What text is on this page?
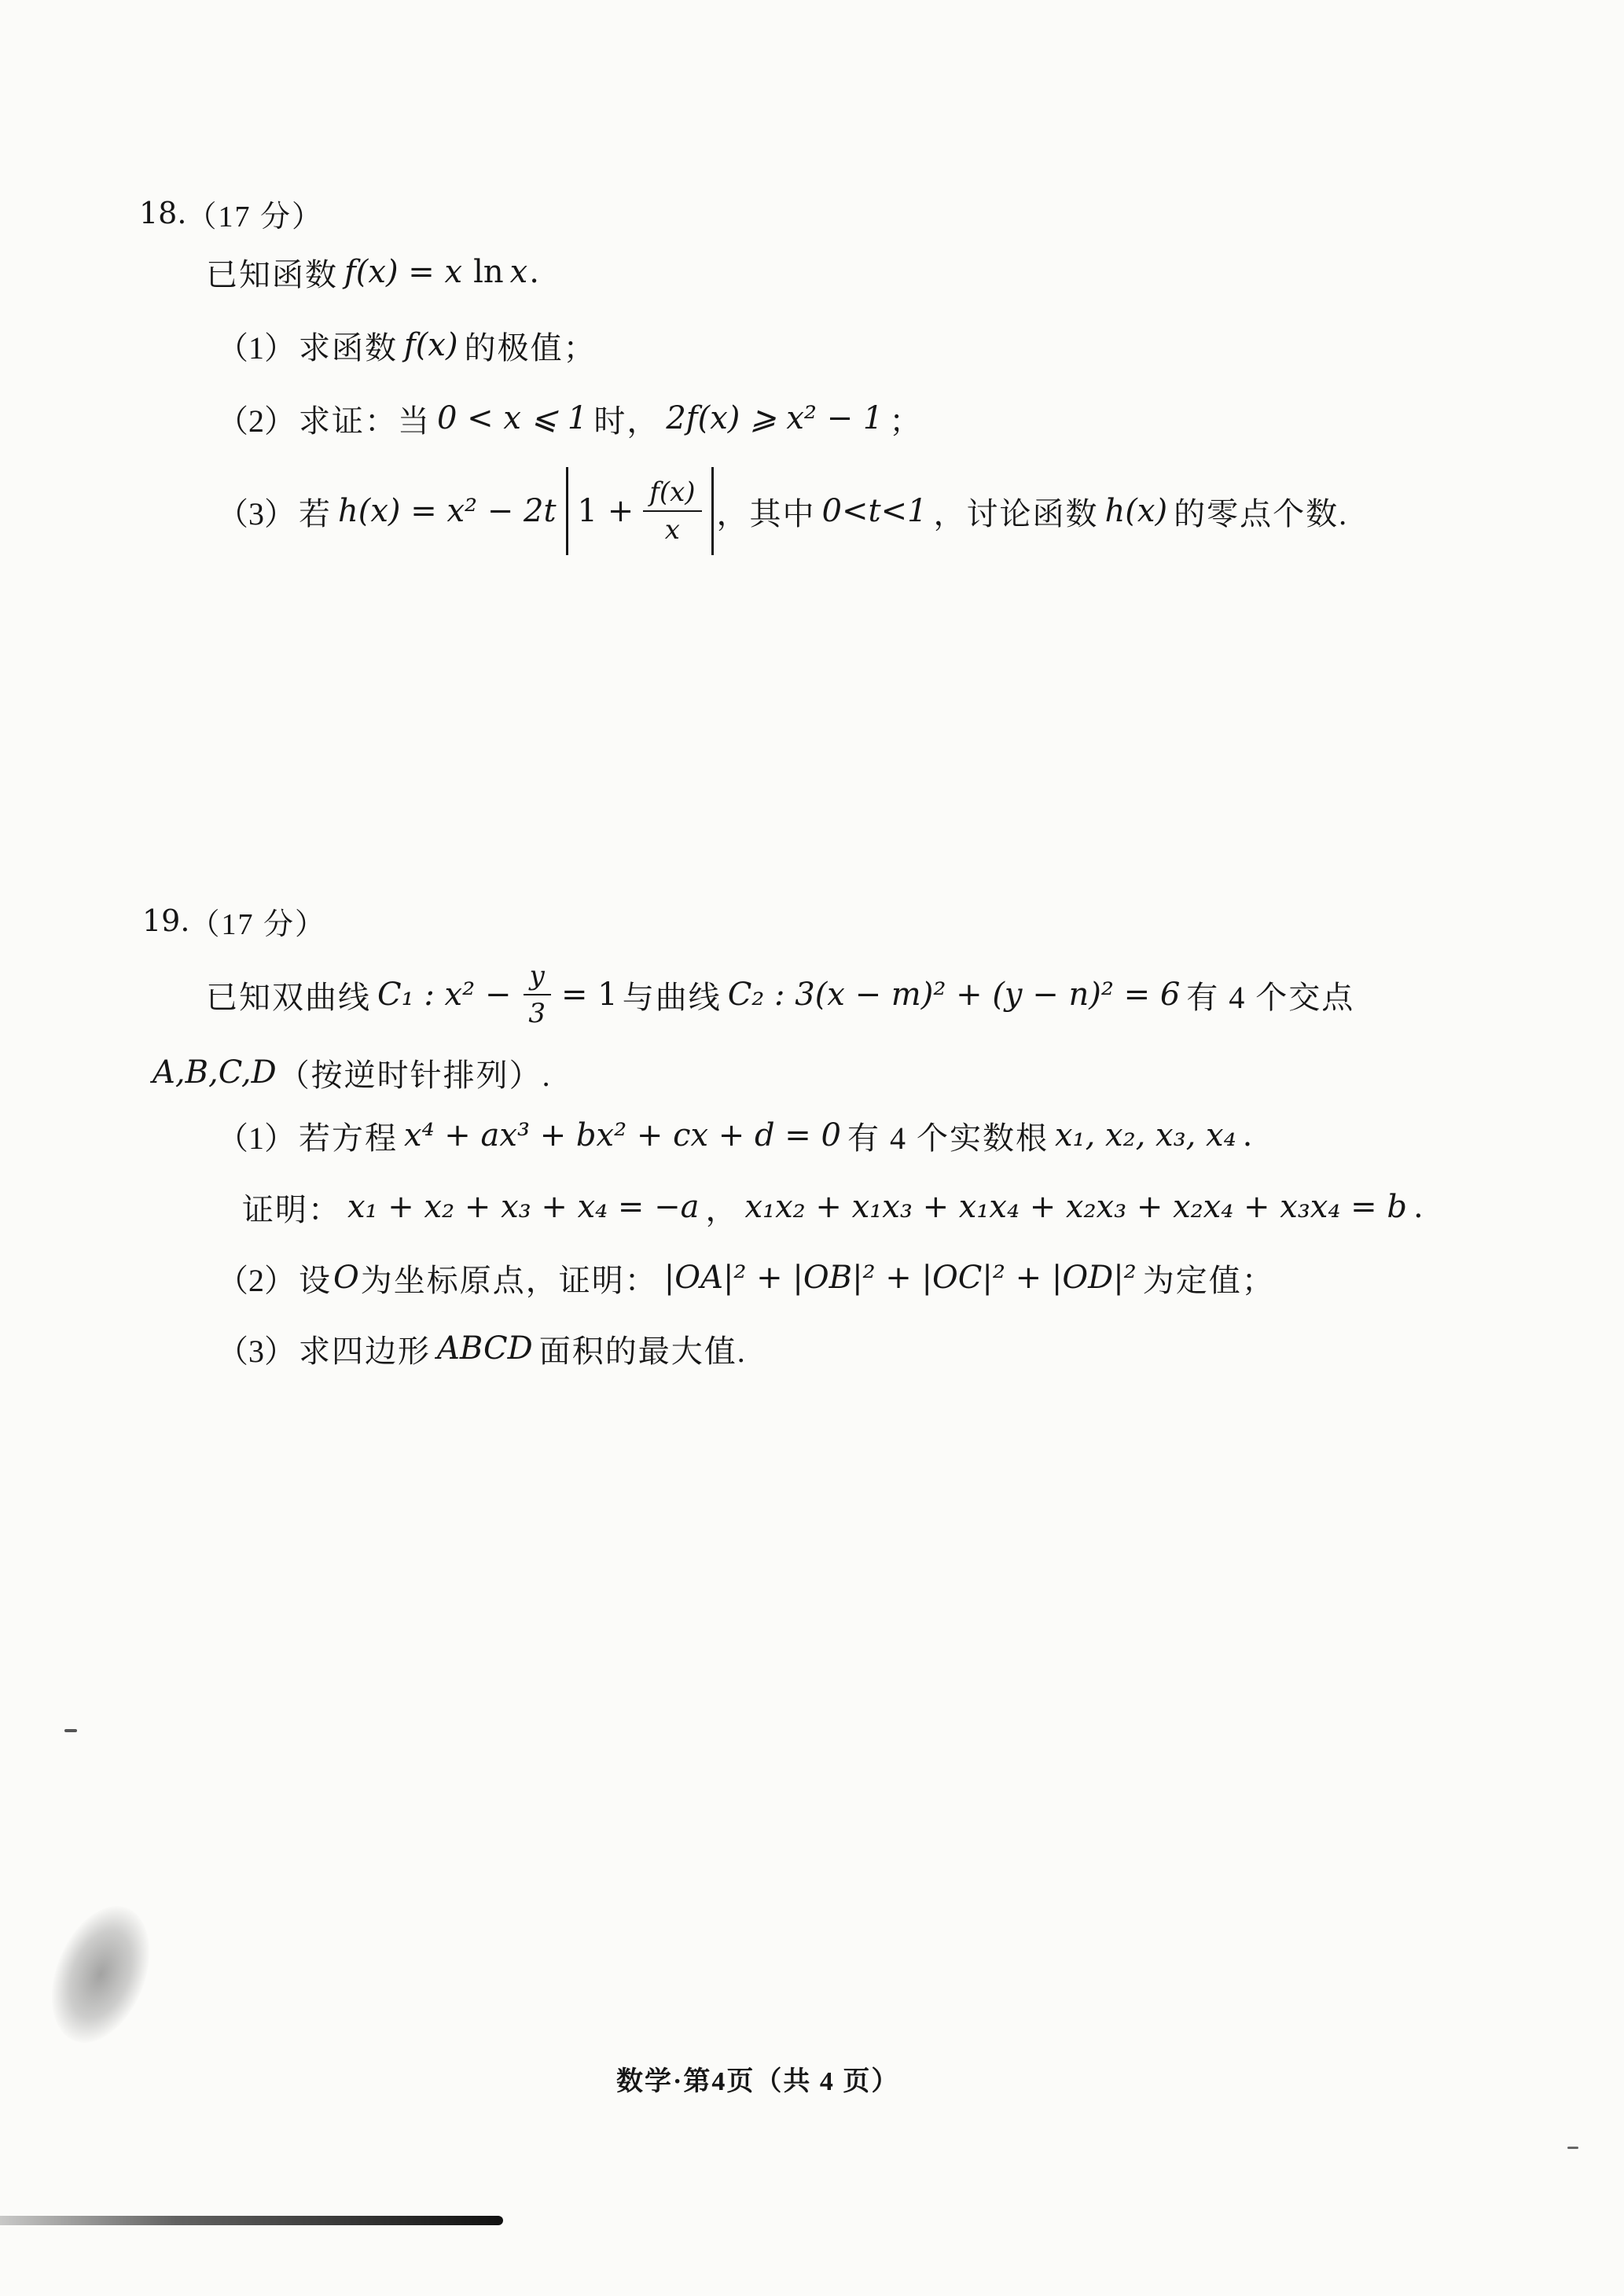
18. （17 分）
已知函数 f(x) = x ln x .
（1） 求函数 f(x) 的极值；
（2） 求证：当 0 < x ⩽ 1 时， 2f(x) ⩾ x² − 1 ；
（3） 若 h(x) = x² − 2t $1 + \frac{f(x)}{x}$ ，其中 0<t<1 ，讨论函数 h(x) 的零点个数.
19. （17 分）
已知双曲线 C₁ : $x^2 - \frac{y}{3} = 1$ 与曲线 C₂ : 3(x − m)² + (y − n)² = 6 有 4 个交点
A,B,C,D （按逆时针排列）.
（1） 若方程 x⁴ + ax³ + bx² + cx + d = 0 有 4 个实数根 x₁, x₂, x₃, x₄ .
证明： x₁ + x₂ + x₃ + x₄ = −a ， x₁x₂ + x₁x₃ + x₁x₄ + x₂x₃ + x₂x₄ + x₃x₄ = b .
（2） 设 O 为坐标原点，证明： |OA|² + |OB|² + |OC|² + |OD|² 为定值；
（3） 求四边形 ABCD 面积的最大值.
数学·第4页（共 4 页）
